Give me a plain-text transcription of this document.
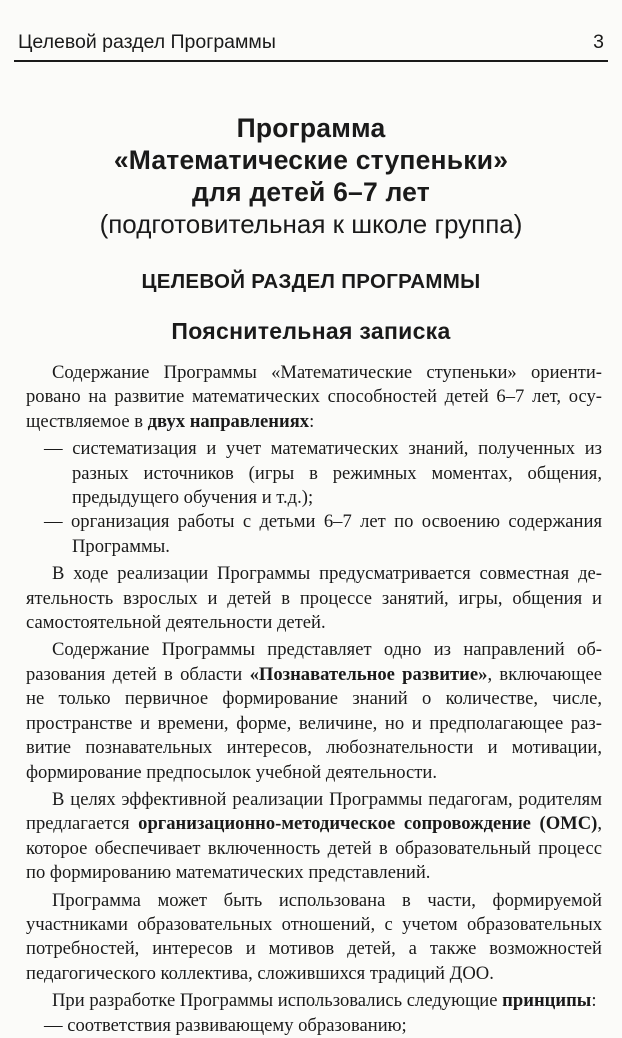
Целевой раздел Программы	3
Программа
«Математические ступеньки»
для детей 6–7 лет
(подготовительная к школе группа)
ЦЕЛЕВОЙ РАЗДЕЛ ПРОГРАММЫ
Пояснительная записка

Содержание Программы «Математические ступеньки» ориентировано на развитие математических способностей детей 6–7 лет, осуществляемое в двух направлениях:

— систематизация и учет математических знаний, полученных из разных источников (игры в режимных моментах, общения, предыдущего обучения и т.д.);

— организация работы с детьми 6–7 лет по освоению содержания Программы.

В ходе реализации Программы предусматривается совместная деятельность взрослых и детей в процессе занятий, игры, общения и самостоятельной деятельности детей.

Содержание Программы представляет одно из направлений образования детей в области «Познавательное развитие», включающее не только первичное формирование знаний о количестве, числе, пространстве и времени, форме, величине, но и предполагающее развитие познавательных интересов, любознательности и мотивации, формирование предпосылок учебной деятельности.

В целях эффективной реализации Программы педагогам, родителям предлагается организационно-методическое сопровождение (ОМС), которое обеспечивает включенность детей в образовательный процесс по формированию математических представлений.

Программа может быть использована в части, формируемой участниками образовательных отношений, с учетом образовательных потребностей, интересов и мотивов детей, а также возможностей педагогического коллектива, сложившихся традиций ДОО.

При разработке Программы использовались следующие принципы:

— соответствия развивающему образованию;
